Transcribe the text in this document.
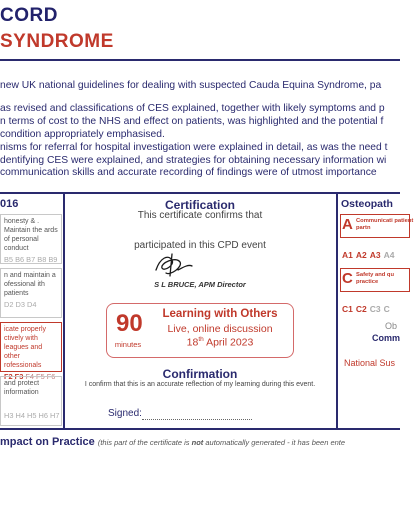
CORD
SYNDROME
new UK national guidelines for dealing with suspected Cauda Equina Syndrome, pa
as revised and classifications of CES explained, together with likely symptoms and p
n terms of cost to the NHS and effect on patients, was highlighted and the potential f
condition appropriately emphasised.
nisms for referral for hospital investigation were explained in detail, as was the need t
dentifying CES were explained, and strategies for obtaining necessary information wi
communication skills and accurate recording of findings were of utmost importance
016
honesty & . Maintain the ards of personal conduct
B5 B6 B7 B8 B9
n and maintain a ofessional ith patients
D2 D3 D4
icate properly ctively with leagues and other rofessionals
F2 F3 F4 F5 F6
and protect information
H3 H4 H5 H6 H7
Certification
This certificate confirms that
participated in this CPD event
S L BRUCE, APM Director
90
minutes
Learning with Others
Live, online discussion
18th April 2023
Confirmation
I confirm that this is an accurate reflection of my learning during this event.
Signed:
Osteopath
A Communicati patient partn
A1 A2 A3 A4
C Safety and qu practice
C1 C2 C3 C
Ob
Comm
National Sus
mpact on Practice (this part of the certificate is not automatically generated - it has been ente
